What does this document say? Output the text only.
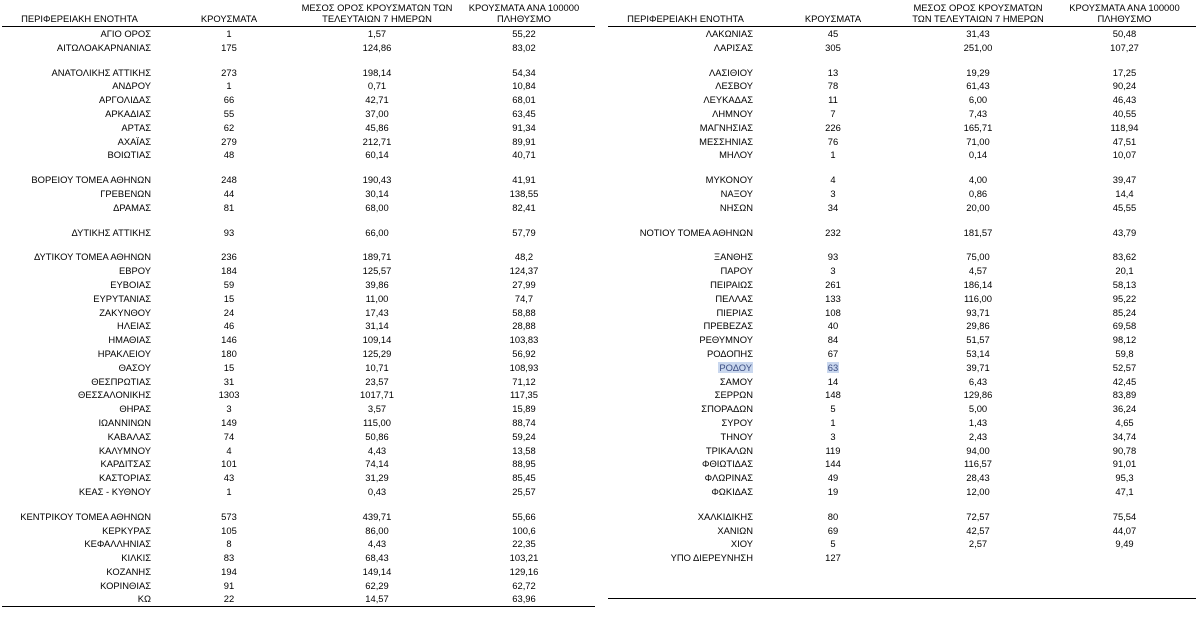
ΠΕΡΙΦΕΡΕΙΑΚΗ ΕΝΟΤΗΤΑ	ΚΡΟΥΣΜΑΤΑ	ΜΕΣΟΣ ΟΡΟΣ ΚΡΟΥΣΜΑΤΩΝ ΤΩΝ ΤΕΛΕΥΤΑΙΩΝ 7 ΗΜΕΡΩΝ	ΚΡΟΥΣΜΑΤΑ ΑΝΑ 100000 ΠΛΗΘΥΣΜΟ
ΑΓΙΟ ΟΡΟΣ	1	1,57	55,22
ΑΙΤΩΛΟΑΚΑΡΝΑΝΙΑΣ	175	124,86	83,02

ΑΝΑΤΟΛΙΚΗΣ ΑΤΤΙΚΗΣ	273	198,14	54,34
ΑΝΔΡΟΥ	1	0,71	10,84
ΑΡΓΟΛΙΔΑΣ	66	42,71	68,01
ΑΡΚΑΔΙΑΣ	55	37,00	63,45
ΑΡΤΑΣ	62	45,86	91,34
ΑΧΑΪΑΣ	279	212,71	89,91
ΒΟΙΩΤΙΑΣ	48	60,14	40,71

ΒΟΡΕΙΟΥ ΤΟΜΕΑ ΑΘΗΝΩΝ	248	190,43	41,91
ΓΡΕΒΕΝΩΝ	44	30,14	138,55
ΔΡΑΜΑΣ	81	68,00	82,41

ΔΥΤΙΚΗΣ ΑΤΤΙΚΗΣ	93	66,00	57,79

ΔΥΤΙΚΟΥ ΤΟΜΕΑ ΑΘΗΝΩΝ	236	189,71	48,2
ΕΒΡΟΥ	184	125,57	124,37
ΕΥΒΟΙΑΣ	59	39,86	27,99
ΕΥΡΥΤΑΝΙΑΣ	15	11,00	74,7
ΖΑΚΥΝΘΟΥ	24	17,43	58,88
ΗΛΕΙΑΣ	46	31,14	28,88
ΗΜΑΘΙΑΣ	146	109,14	103,83
ΗΡΑΚΛΕΙΟΥ	180	125,29	56,92
ΘΑΣΟΥ	15	10,71	108,93
ΘΕΣΠΡΩΤΙΑΣ	31	23,57	71,12
ΘΕΣΣΑΛΟΝΙΚΗΣ	1303	1017,71	117,35
ΘΗΡΑΣ	3	3,57	15,89
ΙΩΑΝΝΙΝΩΝ	149	115,00	88,74
ΚΑΒΑΛΑΣ	74	50,86	59,24
ΚΑΛΥΜΝΟΥ	4	4,43	13,58
ΚΑΡΔΙΤΣΑΣ	101	74,14	88,95
ΚΑΣΤΟΡΙΑΣ	43	31,29	85,45
ΚΕΑΣ - ΚΥΘΝΟΥ	1	0,43	25,57

ΚΕΝΤΡΙΚΟΥ ΤΟΜΕΑ ΑΘΗΝΩΝ	573	439,71	55,66
ΚΕΡΚΥΡΑΣ	105	86,00	100,6
ΚΕΦΑΛΛΗΝΙΑΣ	8	4,43	22,35
ΚΙΛΚΙΣ	83	68,43	103,21
ΚΟΖΑΝΗΣ	194	149,14	129,16
ΚΟΡΙΝΘΙΑΣ	91	62,29	62,72
ΚΩ	22	14,57	63,96
ΠΕΡΙΦΕΡΕΙΑΚΗ ΕΝΟΤΗΤΑ	ΚΡΟΥΣΜΑΤΑ	ΜΕΣΟΣ ΟΡΟΣ ΚΡΟΥΣΜΑΤΩΝ ΤΩΝ ΤΕΛΕΥΤΑΙΩΝ 7 ΗΜΕΡΩΝ	ΚΡΟΥΣΜΑΤΑ ΑΝΑ 100000 ΠΛΗΘΥΣΜΟ
ΛΑΚΩΝΙΑΣ	45	31,43	50,48
ΛΑΡΙΣΑΣ	305	251,00	107,27

ΛΑΣΙΘΙΟΥ	13	19,29	17,25
ΛΕΣΒΟΥ	78	61,43	90,24
ΛΕΥΚΑΔΑΣ	11	6,00	46,43
ΛΗΜΝΟΥ	7	7,43	40,55
ΜΑΓΝΗΣΙΑΣ	226	165,71	118,94
ΜΕΣΣΗΝΙΑΣ	76	71,00	47,51
ΜΗΛΟΥ	1	0,14	10,07

ΜΥΚΟΝΟΥ	4	4,00	39,47
ΝΑΞΟΥ	3	0,86	14,4
ΝΗΣΩΝ	34	20,00	45,55

ΝΟΤΙΟΥ ΤΟΜΕΑ ΑΘΗΝΩΝ	232	181,57	43,79

ΞΑΝΘΗΣ	93	75,00	83,62
ΠΑΡΟΥ	3	4,57	20,1
ΠΕΙΡΑΙΩΣ	261	186,14	58,13
ΠΕΛΛΑΣ	133	116,00	95,22
ΠΙΕΡΙΑΣ	108	93,71	85,24
ΠΡΕΒΕΖΑΣ	40	29,86	69,58
ΡΕΘΥΜΝΟΥ	84	51,57	98,12
ΡΟΔΟΠΗΣ	67	53,14	59,8
ΡΟΔΟΥ	63	39,71	52,57
ΣΑΜΟΥ	14	6,43	42,45
ΣΕΡΡΩΝ	148	129,86	83,89
ΣΠΟΡΑΔΩΝ	5	5,00	36,24
ΣΥΡΟΥ	1	1,43	4,65
ΤΗΝΟΥ	3	2,43	34,74
ΤΡΙΚΑΛΩΝ	119	94,00	90,78
ΦΘΙΩΤΙΔΑΣ	144	116,57	91,01
ΦΛΩΡΙΝΑΣ	49	28,43	95,3
ΦΩΚΙΔΑΣ	19	12,00	47,1

ΧΑΛΚΙΔΙΚΗΣ	80	72,57	75,54
ΧΑΝΙΩΝ	69	42,57	44,07
ΧΙΟΥ	5	2,57	9,49
ΥΠΟ ΔΙΕΡΕΥΝΗΣΗ	127		
